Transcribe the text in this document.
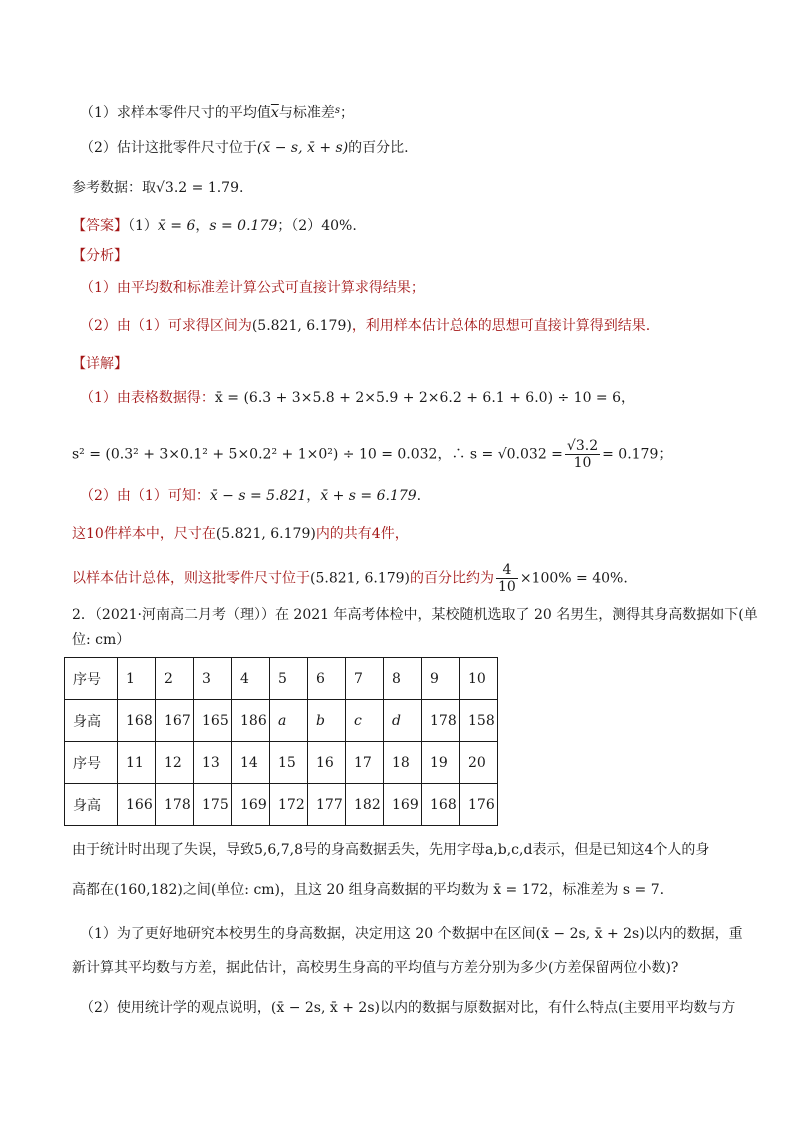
（1）求样本零件尺寸的平均值$\overline{x}$与标准差$^s$；
（2）估计这批零件尺寸位于(x̄ − s, x̄ + s)的百分比.
参考数据：取√3.2 = 1.79.
【答案】（1）x̄ = 6，s = 0.179；（2）40%.
【分析】
（1）由平均数和标准差计算公式可直接计算求得结果；
（2）由（1）可求得区间为(5.821, 6.179)，利用样本估计总体的思想可直接计算得到结果.
【详解】
（1）由表格数据得：x̄ = (6.3 + 3×5.8 + 2×5.9 + 2×6.2 + 6.1 + 6.0) ÷ 10 = 6，
s² = (0.3² + 3×0.1² + 5×0.2² + 1×0²) ÷ 10 = 0.032，∴ $s = √0.032 = \frac{√3.2}{10} = 0.179$；
（2）由（1）可知：x̄ − s = 5.821，x̄ + s = 6.179.
这10件样本中，尺寸在(5.821, 6.179)内的共有4件，
以样本估计总体，则这批零件尺寸位于(5.821, 6.179)的百分比约为 $\frac{4}{10} \times 100\% = 40\%$.
2．（2021·河南高二月考（理））在 2021 年高考体检中，某校随机选取了 20 名男生，测得其身高数据如下(单
位: cm）
序号	1	2	3	4	5	6	7	8	9	10
身高	168	167	165	186	a	b	c	d	178	158
序号	11	12	13	14	15	16	17	18	19	20
身高	166	178	175	169	172	177	182	169	168	176
由于统计时出现了失误，导致5,6,7,8号的身高数据丢失，先用字母a,b,c,d表示，但是已知这4个人的身
高都在(160,182)之间(单位: cm)，且这 20 组身高数据的平均数为 x̄ = 172，标准差为 s = 7.
（1）为了更好地研究本校男生的身高数据，决定用这 20 个数据中在区间(x̄ − 2s, x̄ + 2s)以内的数据，重
新计算其平均数与方差，据此估计，高校男生身高的平均值与方差分别为多少(方差保留两位小数)?
（2）使用统计学的观点说明，(x̄ − 2s, x̄ + 2s)以内的数据与原数据对比，有什么特点(主要用平均数与方
